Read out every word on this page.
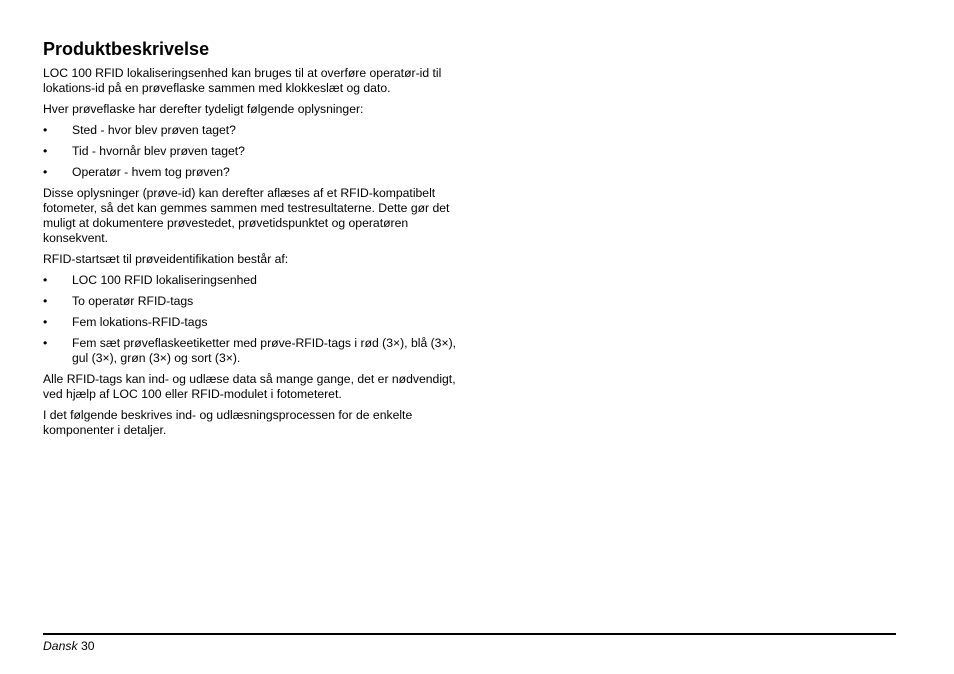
Produktbeskrivelse

LOC 100 RFID lokaliseringsenhed kan bruges til at overføre operatør-id til lokations-id på en prøveflaske sammen med klokkeslæt og dato.

Hver prøveflaske har derefter tydeligt følgende oplysninger:

• Sted - hvor blev prøven taget?
• Tid - hvornår blev prøven taget?
• Operatør - hvem tog prøven?

Disse oplysninger (prøve-id) kan derefter aflæses af et RFID-kompatibelt fotometer, så det kan gemmes sammen med testresultaterne. Dette gør det muligt at dokumentere prøvestedet, prøvetidspunktet og operatøren konsekvent.

RFID-startsæt til prøveidentifikation består af:

• LOC 100 RFID lokaliseringsenhed
• To operatør RFID-tags
• Fem lokations-RFID-tags
• Fem sæt prøveflaskeetiketter med prøve-RFID-tags i rød (3×), blå (3×), gul (3×), grøn (3×) og sort (3×).

Alle RFID-tags kan ind- og udlæse data så mange gange, det er nødvendigt, ved hjælp af LOC 100 eller RFID-modulet i fotometeret.

I det følgende beskrives ind- og udlæsningsprocessen for de enkelte komponenter i detaljer.

Dansk 30
